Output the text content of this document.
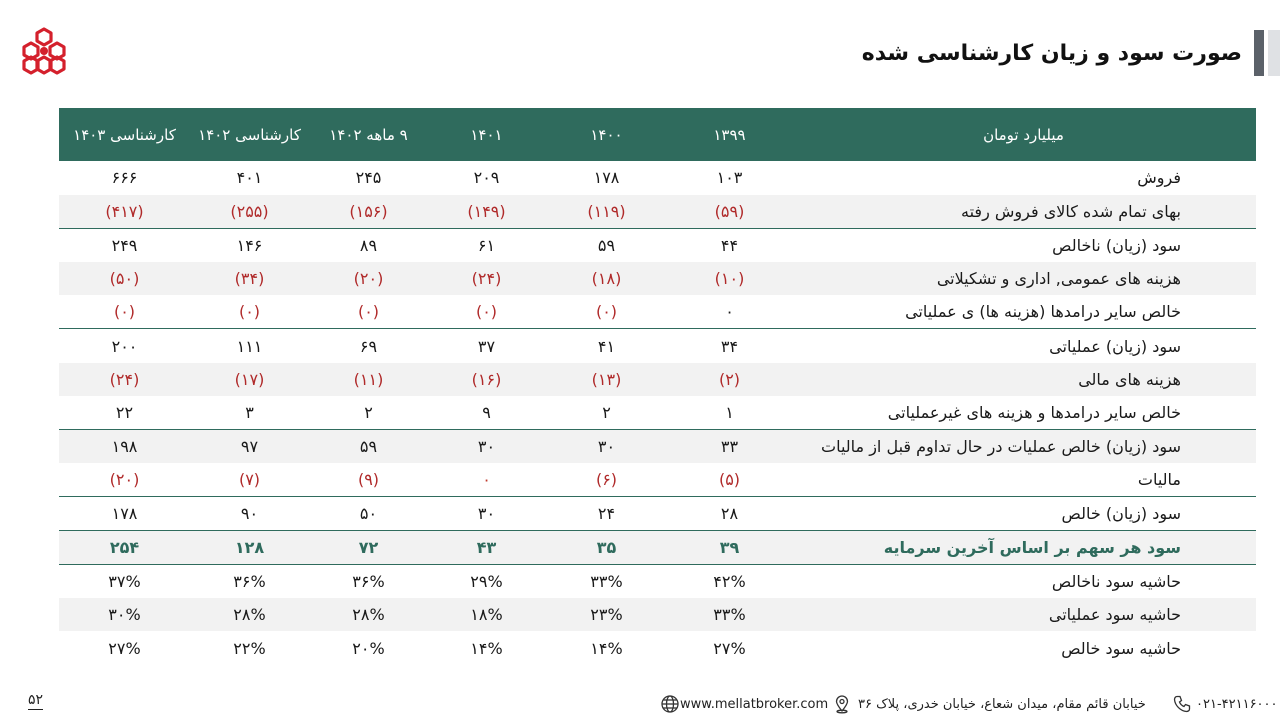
صورت سود و زیان کارشناسی شده
میلیارد تومان	۱۳۹۹	۱۴۰۰	۱۴۰۱	۹ ماهه ۱۴۰۲	کارشناسی ۱۴۰۲	کارشناسی ۱۴۰۳
فروش	۱۰۳	۱۷۸	۲۰۹	۲۴۵	۴۰۱	۶۶۶
بهای تمام شده کالای فروش رفته	(۵۹)	(۱۱۹)	(۱۴۹)	(۱۵۶)	(۲۵۵)	(۴۱۷)
سود (زیان) ناخالص	۴۴	۵۹	۶۱	۸۹	۱۴۶	۲۴۹
هزینه های عمومی, اداری و تشکیلاتی	(۱۰)	(۱۸)	(۲۴)	(۲۰)	(۳۴)	(۵۰)
خالص سایر درامدها (هزینه ها) ی عملیاتی	۰	(۰)	(۰)	(۰)	(۰)	(۰)
سود (زیان) عملیاتی	۳۴	۴۱	۳۷	۶۹	۱۱۱	۲۰۰
هزینه های مالی	(۲)	(۱۳)	(۱۶)	(۱۱)	(۱۷)	(۲۴)
خالص سایر درامدها و هزینه های غیرعملیاتی	۱	۲	۹	۲	۳	۲۲
سود (زیان) خالص عملیات در حال تداوم قبل از مالیات	۳۳	۳۰	۳۰	۵۹	۹۷	۱۹۸
مالیات	(۵)	(۶)	۰	(۹)	(۷)	(۲۰)
سود (زیان) خالص	۲۸	۲۴	۳۰	۵۰	۹۰	۱۷۸
سود هر سهم بر اساس آخرین سرمایه	۳۹	۳۵	۴۳	۷۲	۱۲۸	۲۵۴
حاشیه سود ناخالص	۴۲%	۳۳%	۲۹%	۳۶%	۳۶%	۳۷%
حاشیه سود عملیاتی	۳۳%	۲۳%	۱۸%	۲۸%	۲۸%	۳۰%
حاشیه سود خالص	۲۷%	۱۴%	۱۴%	۲۰%	۲۲%	۲۷%
۵۲	www.mellatbroker.com خیابان قائم مقام، میدان شعاع، خیابان خدری، پلاک ۳۶	۰۲۱-۴۲۱۱۶۰۰۰
